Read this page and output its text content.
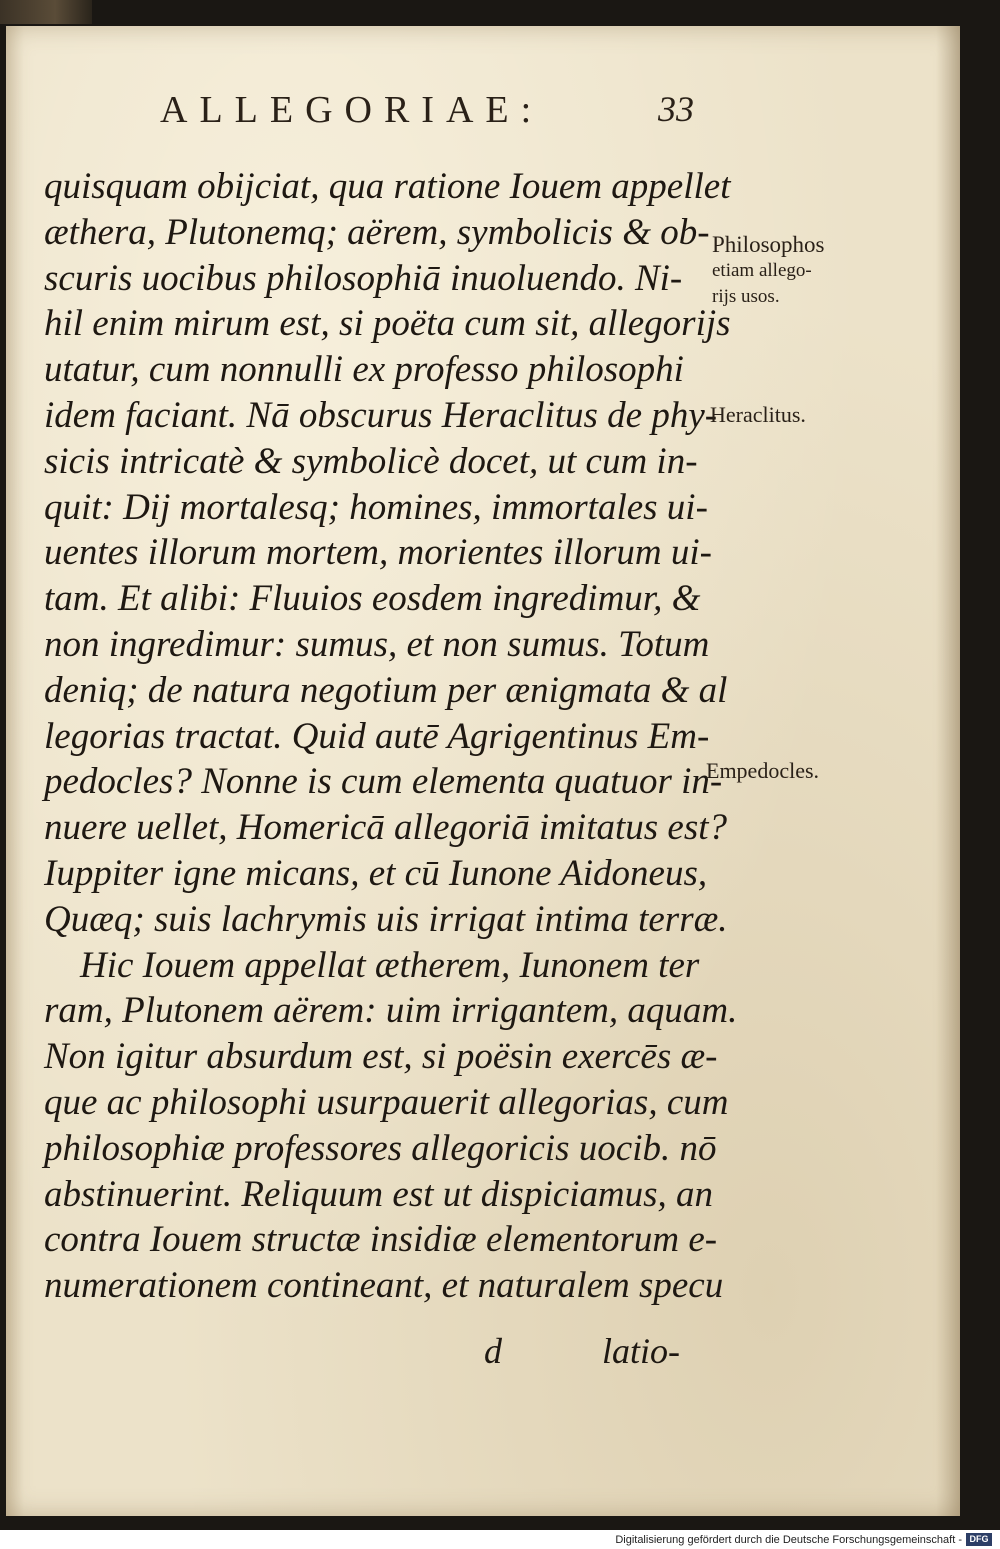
ALLEGORIAE:	33
quisquam obijciat, qua ratione Iouem appellet
æthera, Plutonemq; aërem, symbolicis & ob-
scuris uocibus philosophiā inuoluendo. Ni-
hil enim mirum est, si poëta cum sit, allegorijs
utatur, cum nonnulli ex professo philosophi
idem faciant. Nā obscurus Heraclitus de phy-
sicis intricatè & symbolicè docet, ut cum in-
quit: Dij mortalesq; homines, immortales ui-
uentes illorum mortem, morientes illorum ui-
tam. Et alibi: Fluuios eosdem ingredimur, &
non ingredimur: sumus, et non sumus. Totum
deniq; de natura negotium per ænigmata & al
legorias tractat. Quid autē Agrigentinus Em-
pedocles? Nonne is cum elementa quatuor in-
nuere uellet, Homericā allegoriā imitatus est?
Iuppiter igne micans, et cū Iunone Aidoneus,
Quæq; suis lachrymis uis irrigat intima terræ.
Hic Iouem appellat ætherem, Iunonem ter
ram, Plutonem aërem: uim irrigantem, aquam.
Non igitur absurdum est, si poësin exercēs æ-
que ac philosophi usurpauerit allegorias, cum
philosophiæ professores allegoricis uocib. nō
abstinuerint. Reliquum est ut dispiciamus, an
contra Iouem structæ insidiæ elementorum e-
numerationem contineant, et naturalem specu
d	latio-
Philosophos
etiam allego-
rijs usos.
Heraclitus.
Empedocles.
Digitalisierung gefördert durch die Deutsche Forschungsgemeinschaft - DFG
